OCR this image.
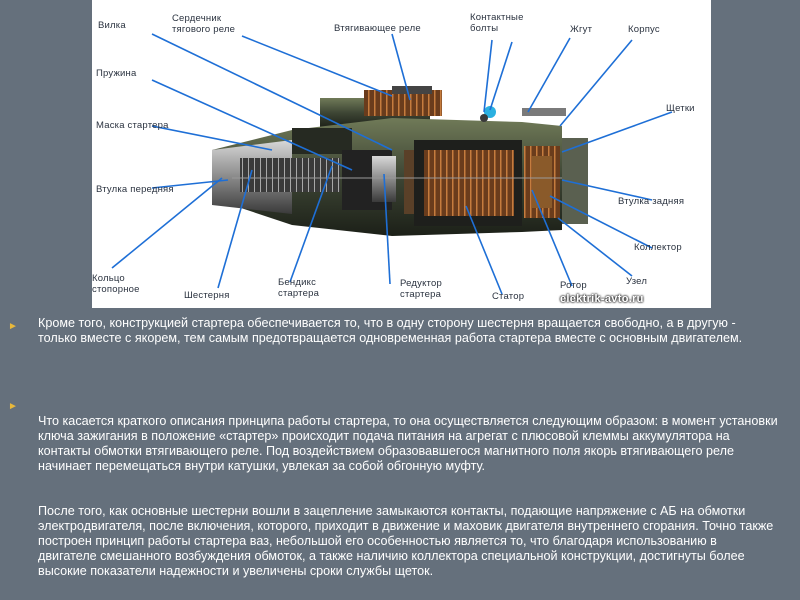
Вилка
Сердечник тягового реле	Втягивающее реле
Контактные болты	Жгут	Корпус
Пружина
Маска стартера
Щетки
Втулка передняя
Втулка задняя
Коллектор
Кольцо стопорное
Шестерня
Бендикс стартера
Редуктор стартера	Статор
Ротор	Узел
elektrik-avto.ru
► Кроме того, конструкцией стартера обеспечивается то, что в одну сторону шестерня вращается свободно, а в другую - только вместе с якорем, тем самым предотвращается одновременная работа стартера вместе с основным двигателем.

►

Что касается краткого описания принципа работы стартера, то она осуществляется следующим образом: в момент установки ключа зажигания в положение «стартер» происходит подача питания на агрегат с плюсовой клеммы аккумулятора на контакты обмотки втягивающего реле. Под воздействием образовавшегося магнитного поля якорь втягивающего реле начинает перемещаться внутри катушки, увлекая за собой обгонную муфту.

После того, как основные шестерни вошли в зацепление замыкаются контакты, подающие напряжение с АБ на обмотки электродвигателя, после включения, которого, приходит в движение и маховик двигателя внутреннего сгорания. Точно также построен принцип работы стартера ваз, небольшой его особенностью является то, что благодаря использованию в двигателе смешанного возбуждения обмоток, а также наличию коллектора специальной конструкции, достигнуты более высокие показатели надежности и увеличены сроки службы щеток.
